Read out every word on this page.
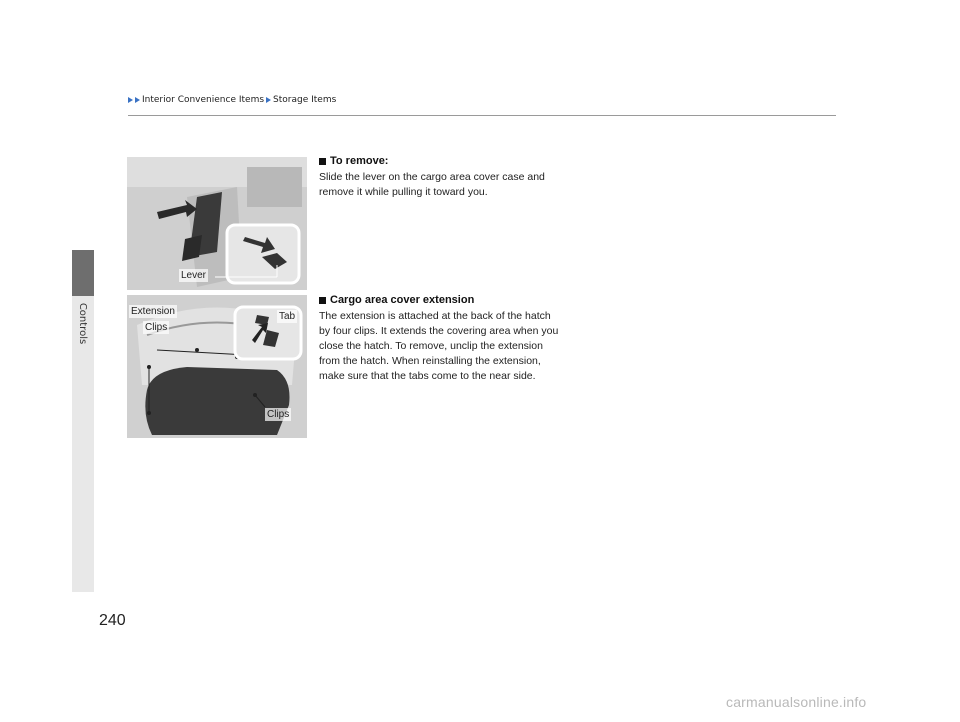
Controls
Interior Convenience Items Storage Items
Lever
Extension
Clips
Tab
Clips
To remove:

Slide the lever on the cargo area cover case and remove it while pulling it toward you.

Cargo area cover extension

The extension is attached at the back of the hatch by four clips. It extends the covering area when you close the hatch. To remove, unclip the extension from the hatch. When reinstalling the extension, make sure that the tabs come to the near side.

240
carmanualsonline.info
